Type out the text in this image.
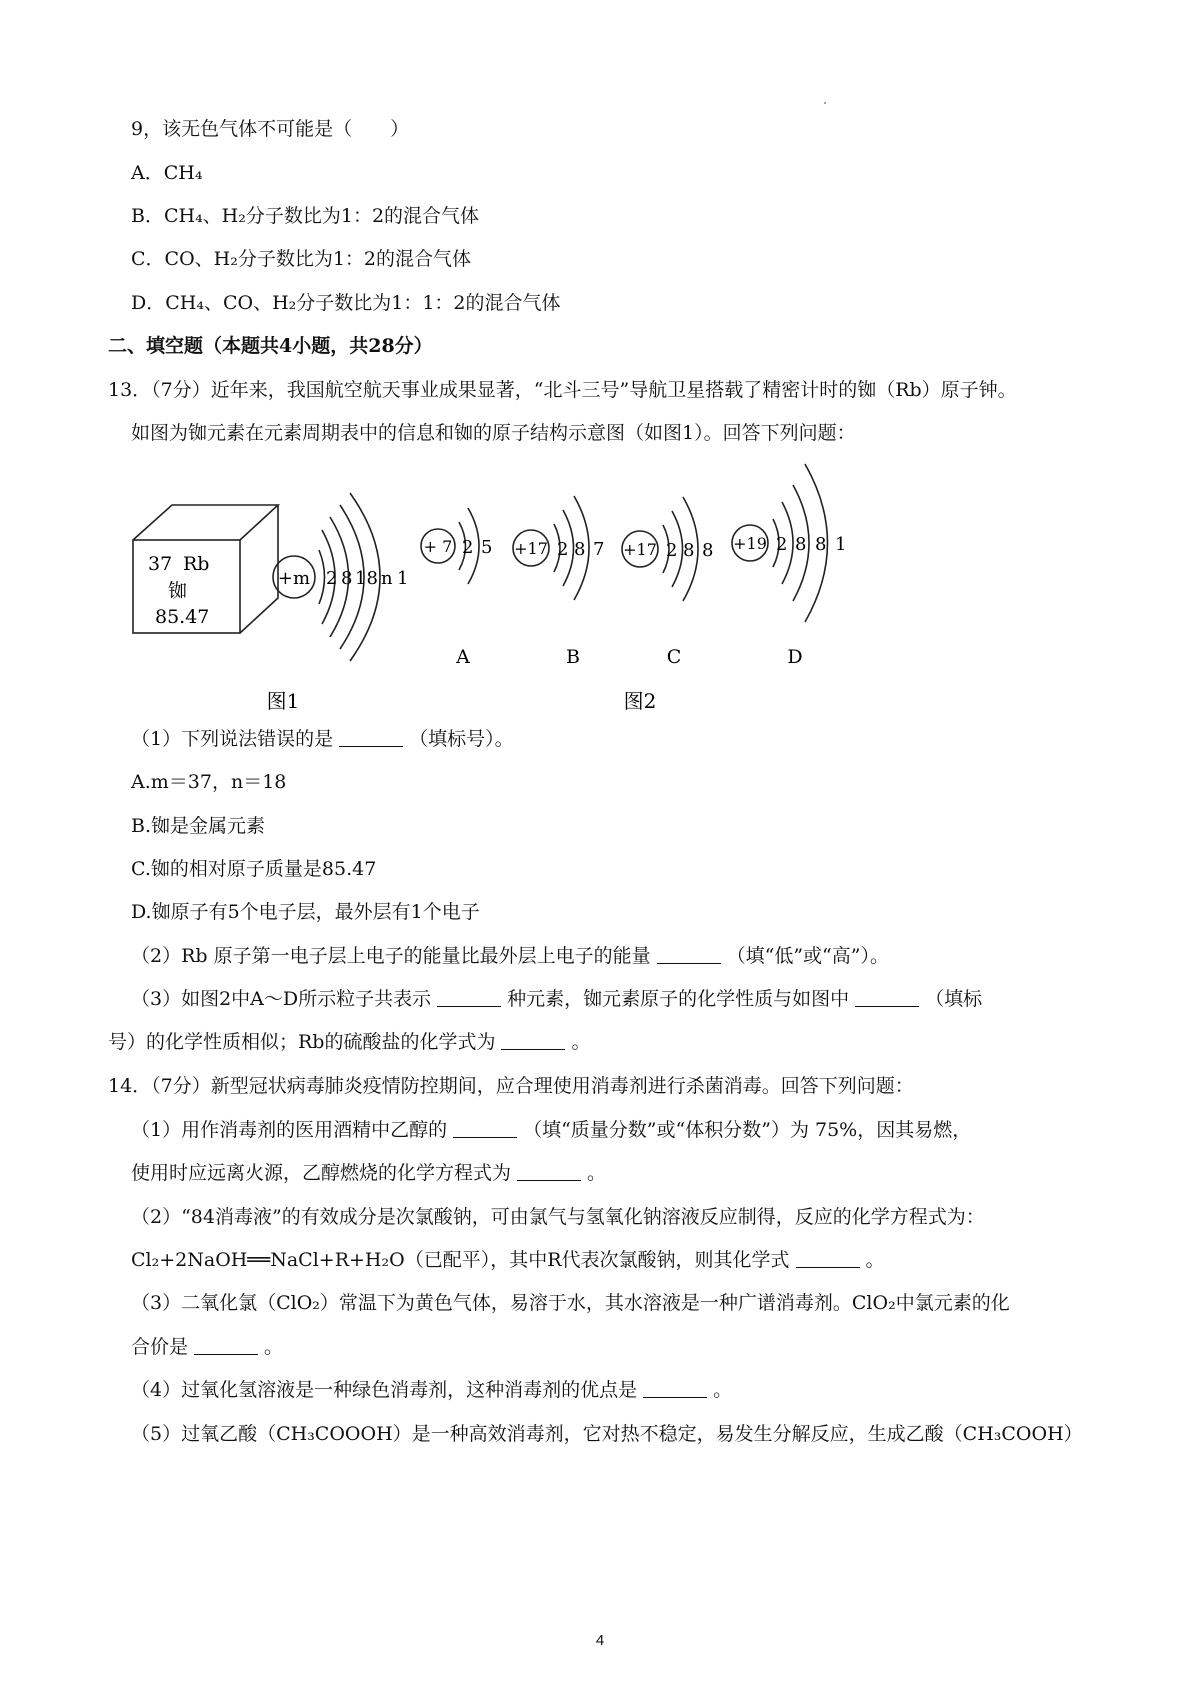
9，该无色气体不可能是（　　）
A．CH₄
B．CH₄、H₂分子数比为1：2的混合气体
C．CO、H₂分子数比为1：2的混合气体
D．CH₄、CO、H₂分子数比为1：1：2的混合气体
二、填空题（本题共4小题，共28分）
13．（7分）近年来，我国航空航天事业成果显著，“北斗三号”导航卫星搭载了精密计时的铷（Rb）原子钟。
如图为铷元素在元素周期表中的信息和铷的原子结构示意图（如图1）。回答下列问题：
37 Rb
铷
85.47
+m 2 8 18 n 1
+ 7 2 5
A
+17 2 8 7
B
+17 2 8 8
C
+19 2 8 8 1
D
图1	图2
（1）下列说法错误的是	（填标号）。
A.m＝37，n＝18
B.铷是金属元素
C.铷的相对原子质量是85.47
D.铷原子有5个电子层，最外层有1个电子
（2）Rb 原子第一电子层上电子的能量比最外层上电子的能量	（填“低”或“高”）。
（3）如图2中A～D所示粒子共表示	种元素，铷元素原子的化学性质与如图中	（填标
号）的化学性质相似；Rb的硫酸盐的化学式为	。
14．（7分）新型冠状病毒肺炎疫情防控期间，应合理使用消毒剂进行杀菌消毒。回答下列问题：
（1）用作消毒剂的医用酒精中乙醇的	（填“质量分数”或“体积分数”）为 75%，因其易燃，
使用时应远离火源，乙醇燃烧的化学方程式为	。
（2）“84消毒液”的有效成分是次氯酸钠，可由氯气与氢氧化钠溶液反应制得，反应的化学方程式为：
Cl₂+2NaOH══NaCl+R+H₂O（已配平），其中R代表次氯酸钠，则其化学式	。
（3）二氧化氯（ClO₂）常温下为黄色气体，易溶于水，其水溶液是一种广谱消毒剂。ClO₂中氯元素的化
合价是	。
（4）过氧化氢溶液是一种绿色消毒剂，这种消毒剂的优点是	。
（5）过氧乙酸（CH₃COOOH）是一种高效消毒剂，它对热不稳定，易发生分解反应，生成乙酸（CH₃COOH）
4
